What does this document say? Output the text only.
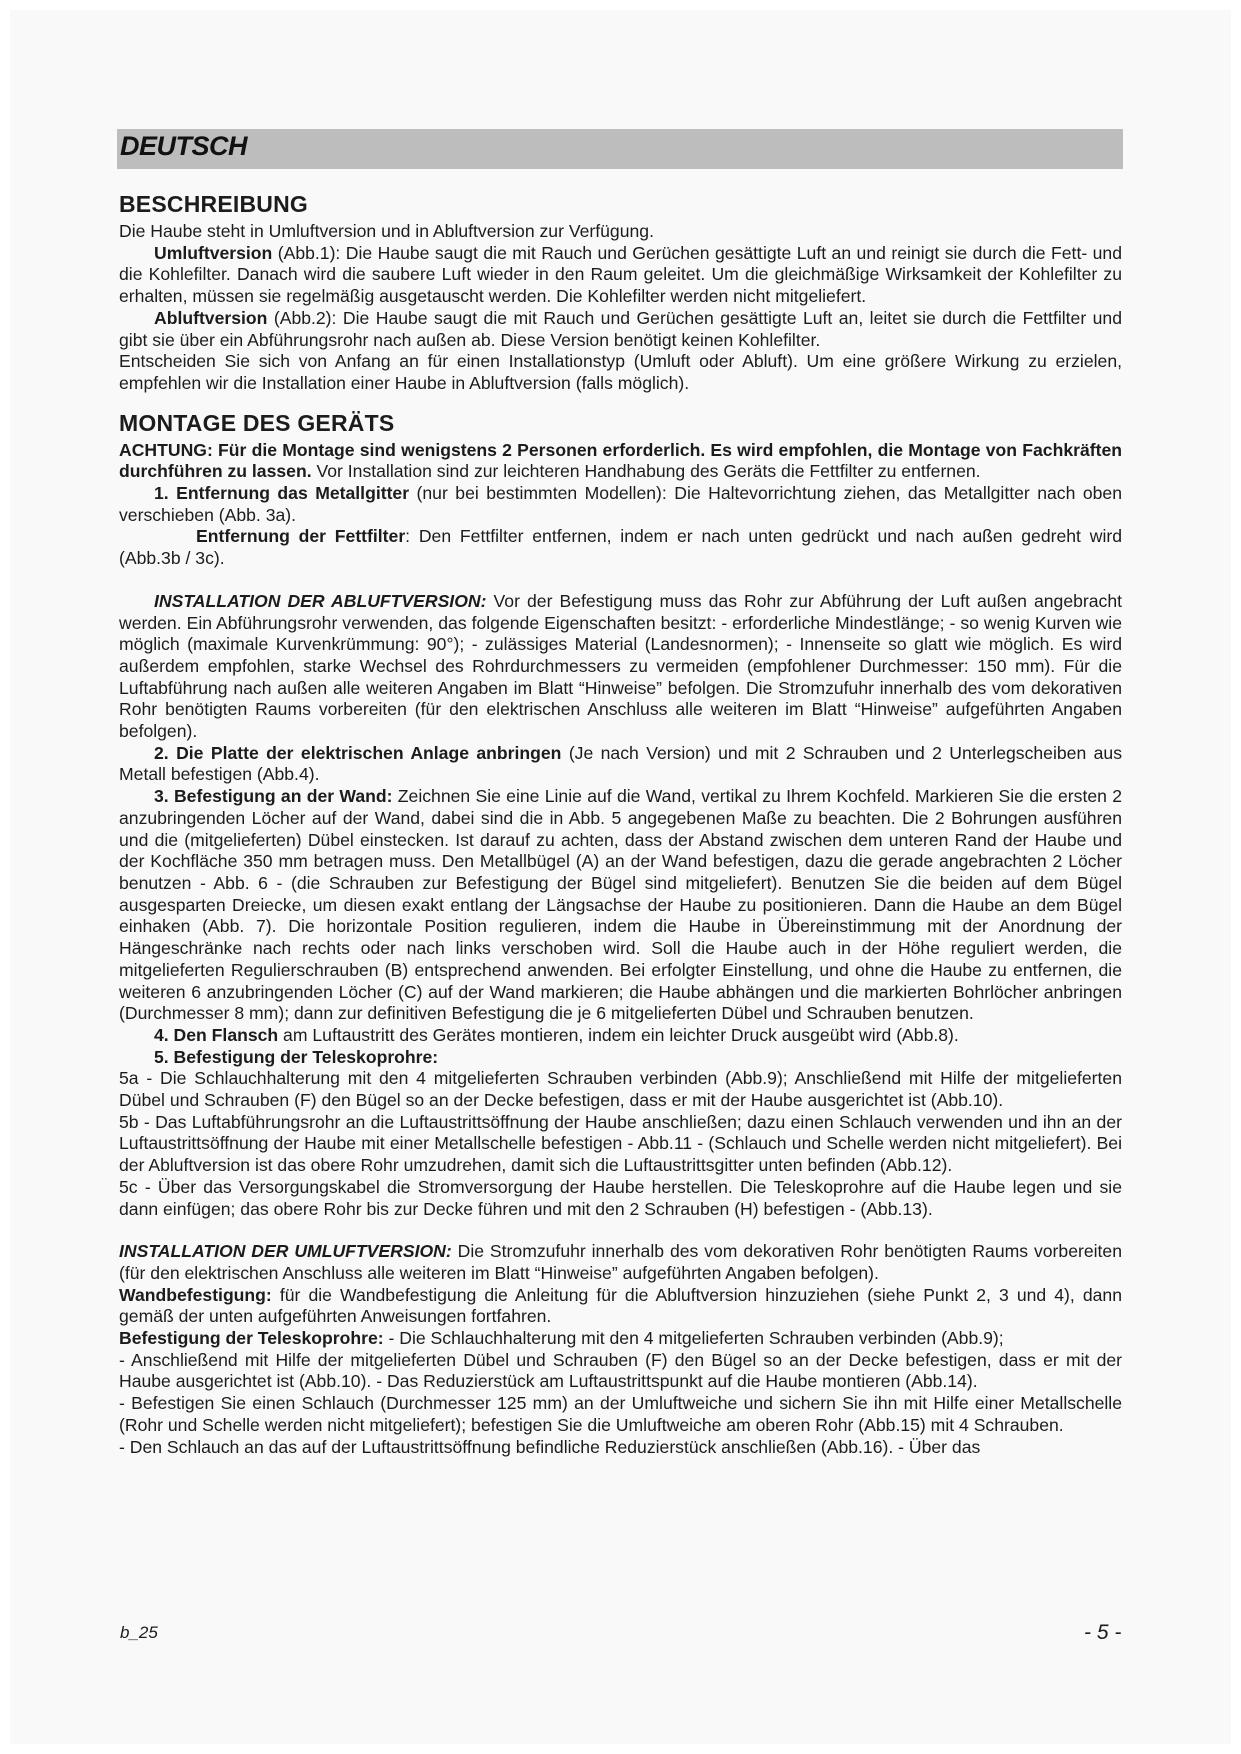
DEUTSCH
BESCHREIBUNG

Die Haube steht in Umluftversion und in Abluftversion zur Verfügung.

Umluftversion (Abb.1): Die Haube saugt die mit Rauch und Gerüchen gesättigte Luft an und reinigt sie durch die Fett- und die Kohlefilter. Danach wird die saubere Luft wieder in den Raum geleitet. Um die gleichmäßige Wirksamkeit der Kohlefilter zu erhalten, müssen sie regelmäßig ausgetauscht werden. Die Kohlefilter werden nicht mitgeliefert.

Abluftversion (Abb.2): Die Haube saugt die mit Rauch und Gerüchen gesättigte Luft an, leitet sie durch die Fettfilter und gibt sie über ein Abführungsrohr nach außen ab. Diese Version benötigt keinen Kohlefilter.

Entscheiden Sie sich von Anfang an für einen Installationstyp (Umluft oder Abluft). Um eine größere Wirkung zu erzielen, empfehlen wir die Installation einer Haube in Abluftversion (falls möglich).

MONTAGE DES GERÄTS

ACHTUNG: Für die Montage sind wenigstens 2 Personen erforderlich. Es wird empfohlen, die Montage von Fachkräften durchführen zu lassen. Vor Installation sind zur leichteren Handhabung des Geräts die Fettfilter zu entfernen.

1. Entfernung das Metallgitter (nur bei bestimmten Modellen): Die Haltevorrichtung ziehen, das Metallgitter nach oben verschieben (Abb. 3a).

Entfernung der Fettfilter: Den Fettfilter entfernen, indem er nach unten gedrückt und nach außen gedreht wird (Abb.3b / 3c).

INSTALLATION DER ABLUFTVERSION: Vor der Befestigung muss das Rohr zur Abführung der Luft außen angebracht werden. Ein Abführungsrohr verwenden, das folgende Eigenschaften besitzt: - erforderliche Mindestlänge; - so wenig Kurven wie möglich (maximale Kurvenkrümmung: 90°); - zulässiges Material (Landesnormen); - Innenseite so glatt wie möglich. Es wird außerdem empfohlen, starke Wechsel des Rohrdurchmessers zu vermeiden (empfohlener Durchmesser: 150 mm). Für die Luftabführung nach außen alle weiteren Angaben im Blatt “Hinweise” befolgen. Die Stromzufuhr innerhalb des vom dekorativen Rohr benötigten Raums vorbereiten (für den elektrischen Anschluss alle weiteren im Blatt “Hinweise” aufgeführten Angaben befolgen).

2. Die Platte der elektrischen Anlage anbringen (Je nach Version) und mit 2 Schrauben und 2 Unterlegscheiben aus Metall befestigen (Abb.4).

3. Befestigung an der Wand: Zeichnen Sie eine Linie auf die Wand, vertikal zu Ihrem Kochfeld. Markieren Sie die ersten 2 anzubringenden Löcher auf der Wand, dabei sind die in Abb. 5 angegebenen Maße zu beachten. Die 2 Bohrungen ausführen und die (mitgelieferten) Dübel einstecken. Ist darauf zu achten, dass der Abstand zwischen dem unteren Rand der Haube und der Kochfläche 350 mm betragen muss. Den Metallbügel (A) an der Wand befestigen, dazu die gerade angebrachten 2 Löcher benutzen - Abb. 6 - (die Schrauben zur Befestigung der Bügel sind mitgeliefert). Benutzen Sie die beiden auf dem Bügel ausgesparten Dreiecke, um diesen exakt entlang der Längsachse der Haube zu positionieren. Dann die Haube an dem Bügel einhaken (Abb. 7). Die horizontale Position regulieren, indem die Haube in Übereinstimmung mit der Anordnung der Hängeschränke nach rechts oder nach links verschoben wird. Soll die Haube auch in der Höhe reguliert werden, die mitgelieferten Regulierschrauben (B) entsprechend anwenden. Bei erfolgter Einstellung, und ohne die Haube zu entfernen, die weiteren 6 anzubringenden Löcher (C) auf der Wand markieren; die Haube abhängen und die markierten Bohrlöcher anbringen (Durchmesser 8 mm); dann zur definitiven Befestigung die je 6 mitgelieferten Dübel und Schrauben benutzen.

4. Den Flansch am Luftaustritt des Gerätes montieren, indem ein leichter Druck ausgeübt wird (Abb.8).

5. Befestigung der Teleskoprohre:

5a - Die Schlauchhalterung mit den 4 mitgelieferten Schrauben verbinden (Abb.9); Anschließend mit Hilfe der mitgelieferten Dübel und Schrauben (F) den Bügel so an der Decke befestigen, dass er mit der Haube ausgerichtet ist (Abb.10).

5b - Das Luftabführungsrohr an die Luftaustrittsöffnung der Haube anschließen; dazu einen Schlauch verwenden und ihn an der Luftaustrittsöffnung der Haube mit einer Metallschelle befestigen - Abb.11 - (Schlauch und Schelle werden nicht mitgeliefert). Bei der Abluftversion ist das obere Rohr umzudrehen, damit sich die Luftaustrittsgitter unten befinden (Abb.12).

5c - Über das Versorgungskabel die Stromversorgung der Haube herstellen. Die Teleskoprohre auf die Haube legen und sie dann einfügen; das obere Rohr bis zur Decke führen und mit den 2 Schrauben (H) befestigen - (Abb.13).

INSTALLATION DER UMLUFTVERSION: Die Stromzufuhr innerhalb des vom dekorativen Rohr benötigten Raums vorbereiten (für den elektrischen Anschluss alle weiteren im Blatt “Hinweise” aufgeführten Angaben befolgen).

Wandbefestigung: für die Wandbefestigung die Anleitung für die Abluftversion hinzuziehen (siehe Punkt 2, 3 und 4), dann gemäß der unten aufgeführten Anweisungen fortfahren.

Befestigung der Teleskoprohre: - Die Schlauchhalterung mit den 4 mitgelieferten Schrauben verbinden (Abb.9);

- Anschließend mit Hilfe der mitgelieferten Dübel und Schrauben (F) den Bügel so an der Decke befestigen, dass er mit der Haube ausgerichtet ist (Abb.10). - Das Reduzierstück am Luftaustrittspunkt auf die Haube montieren (Abb.14).

- Befestigen Sie einen Schlauch (Durchmesser 125 mm) an der Umluftweiche und sichern Sie ihn mit Hilfe einer Metallschelle (Rohr und Schelle werden nicht mitgeliefert); befestigen Sie die Umluftweiche am oberen Rohr (Abb.15) mit 4 Schrauben.

- Den Schlauch an das auf der Luftaustrittsöffnung befindliche Reduzierstück anschließen (Abb.16). - Über das

b_25	- 5 -
